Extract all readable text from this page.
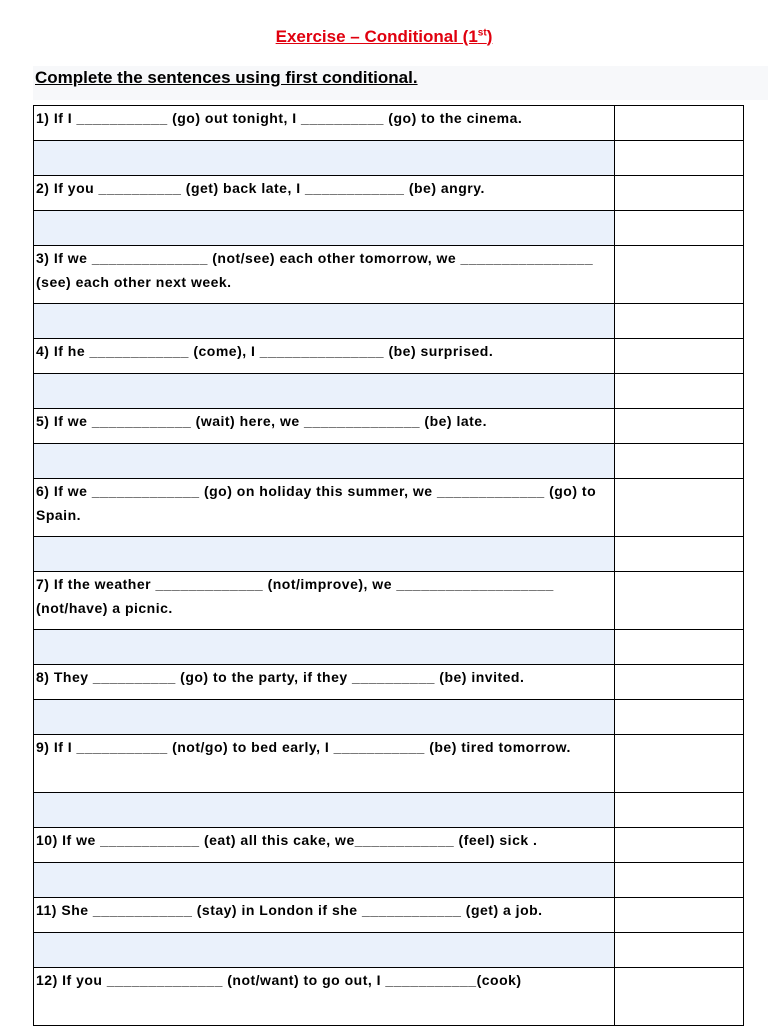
Exercise – Conditional (1st)
Complete the sentences using first conditional.
1) If I ___________ (go) out tonight, I __________ (go) to the cinema.	

2) If you __________ (get) back late, I ____________ (be) angry.	

3) If we ______________ (not/see) each other tomorrow, we ________________ (see) each other next week.	

4) If he ____________ (come), I _______________ (be) surprised.	

5) If we ____________ (wait) here, we ______________ (be) late.	

6) If we _____________ (go) on holiday this summer, we _____________ (go) to Spain.	

7) If the weather _____________ (not/improve), we ___________________ (not/have) a picnic.	

8) They __________ (go) to the party, if they __________ (be) invited.	

9) If I ___________ (not/go) to bed early, I ___________ (be) tired tomorrow.	

10) If we ____________ (eat) all this cake, we____________ (feel) sick .	

11) She ____________ (stay) in London if she ____________ (get) a job.	

12) If you ______________ (not/want) to go out, I ___________(cook)	
